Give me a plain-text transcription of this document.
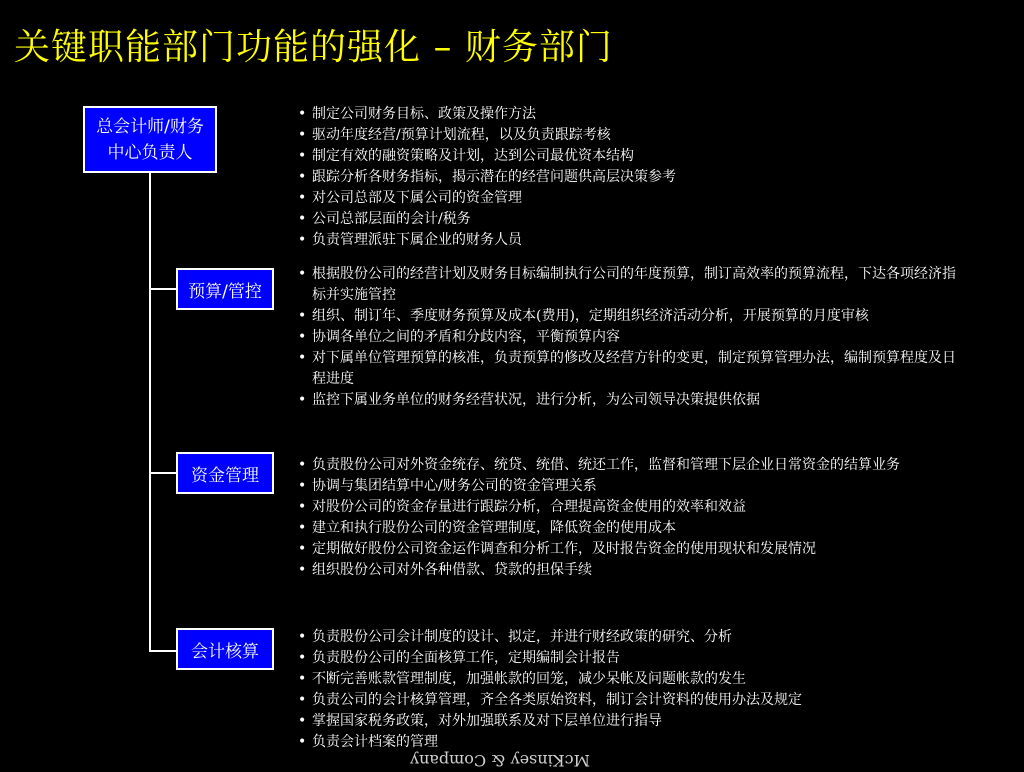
关键职能部门功能的强化 – 财务部门
总会计师/财务中心负责人
预算/管控
资金管理
会计核算
• 制定公司财务目标、政策及操作方法
• 驱动年度经营/预算计划流程，以及负责跟踪考核
• 制定有效的融资策略及计划，达到公司最优资本结构
• 跟踪分析各财务指标，揭示潜在的经营问题供高层决策参考
• 对公司总部及下属公司的资金管理
• 公司总部层面的会计/税务
• 负责管理派驻下属企业的财务人员
• 根据股份公司的经营计划及财务目标编制执行公司的年度预算，制订高效率的预算流程，下达各项经济指标并实施管控
• 组织、制订年、季度财务预算及成本(费用)，定期组织经济活动分析，开展预算的月度审核
• 协调各单位之间的矛盾和分歧内容，平衡预算内容
• 对下属单位管理预算的核准，负责预算的修改及经营方针的变更，制定预算管理办法，编制预算程度及日程进度
• 监控下属业务单位的财务经营状况，进行分析，为公司领导决策提供依据
• 负责股份公司对外资金统存、统贷、统借、统还工作，监督和管理下层企业日常资金的结算业务
• 协调与集团结算中心/财务公司的资金管理关系
• 对股份公司的资金存量进行跟踪分析，合理提高资金使用的效率和效益
• 建立和执行股份公司的资金管理制度，降低资金的使用成本
• 定期做好股份公司资金运作调查和分析工作，及时报告资金的使用现状和发展情况
• 组织股份公司对外各种借款、贷款的担保手续
• 负责股份公司会计制度的设计、拟定，并进行财经政策的研究、分析
• 负责股份公司的全面核算工作，定期编制会计报告
• 不断完善账款管理制度，加强帐款的回笼，减少呆帐及问题帐款的发生
• 负责公司的会计核算管理，齐全各类原始资料，制订会计资料的使用办法及规定
• 掌握国家税务政策，对外加强联系及对下层单位进行指导
• 负责会计档案的管理
McKinsey & Company
